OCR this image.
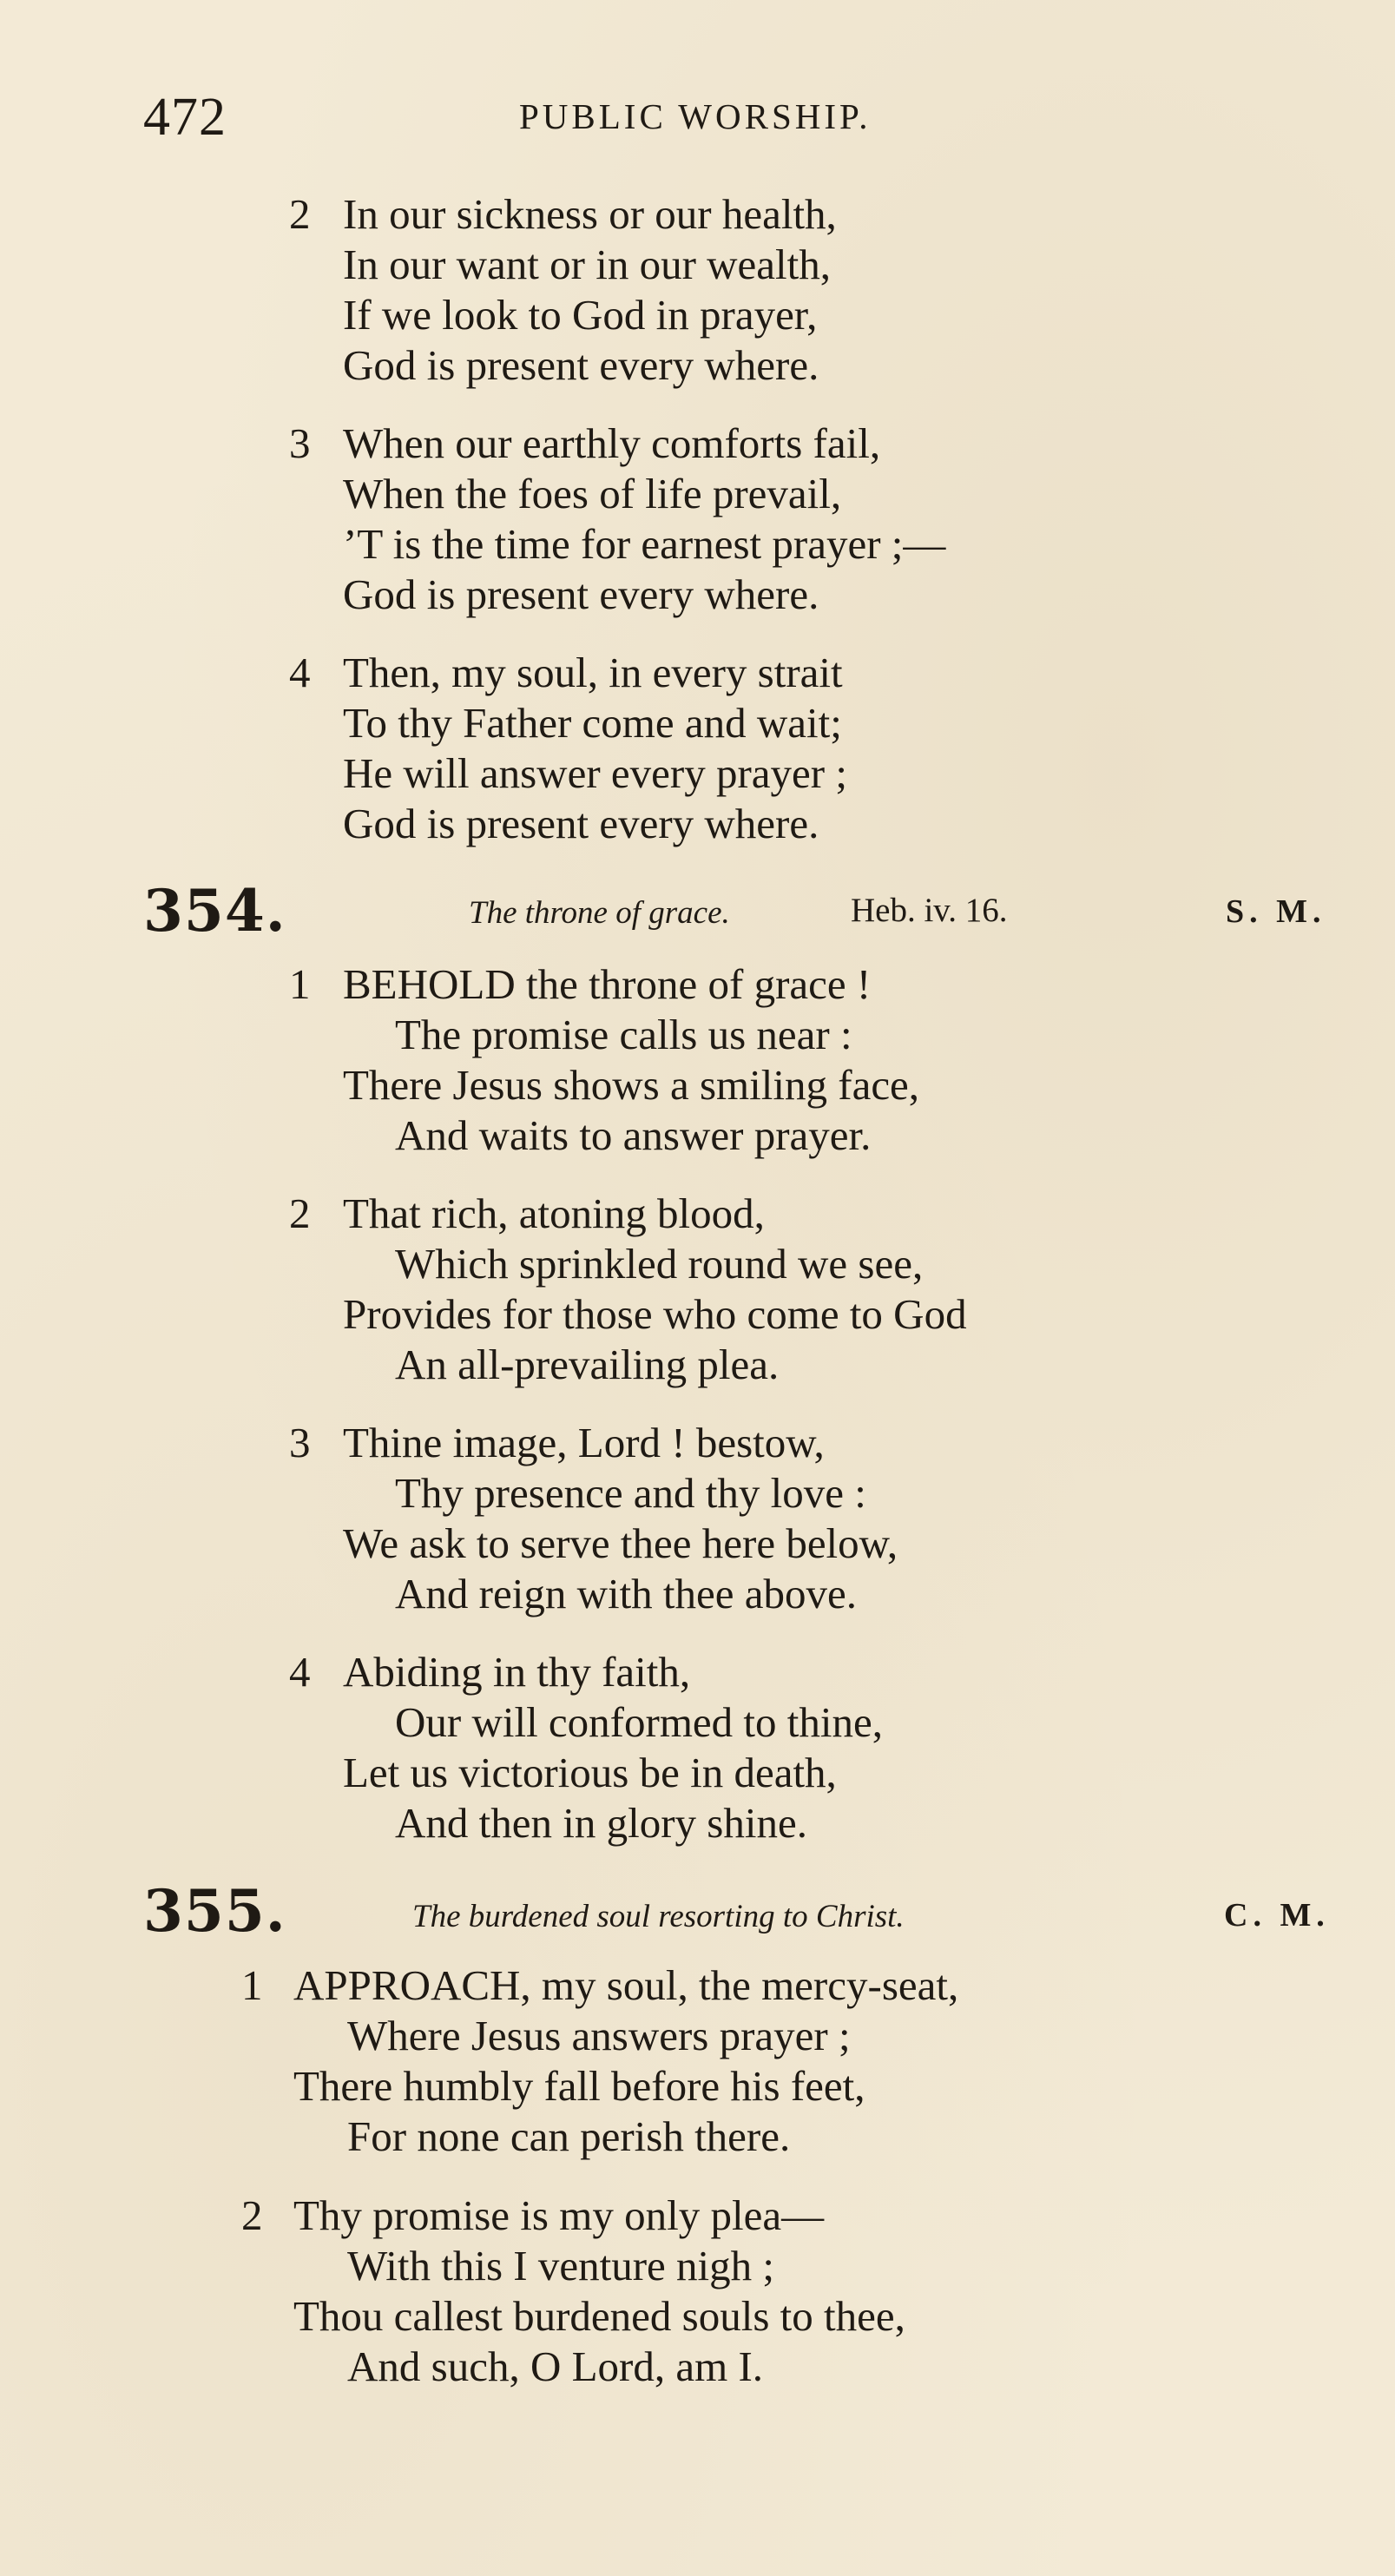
472	PUBLIC WORSHIP.
2 In our sickness or our health,
In our want or in our wealth,
If we look to God in prayer,
God is present every where.
3 When our earthly comforts fail,
When the foes of life prevail,
’T is the time for earnest prayer ;—
God is present every where.
4 Then, my soul, in every strait
To thy Father come and wait;
He will answer every prayer ;
God is present every where.
354.	The throne of grace.	Heb. iv. 16.	S. M.
1 BEHOLD the throne of grace !
The promise calls us near :
There Jesus shows a smiling face,
And waits to answer prayer.
2 That rich, atoning blood,
Which sprinkled round we see,
Provides for those who come to God
An all-prevailing plea.
3 Thine image, Lord ! bestow,
Thy presence and thy love :
We ask to serve thee here below,
And reign with thee above.
4 Abiding in thy faith,
Our will conformed to thine,
Let us victorious be in death,
And then in glory shine.
355.	The burdened soul resorting to Christ.	C. M.
1 APPROACH, my soul, the mercy-seat,
Where Jesus answers prayer ;
There humbly fall before his feet,
For none can perish there.
2 Thy promise is my only plea—
With this I venture nigh ;
Thou callest burdened souls to thee,
And such, O Lord, am I.
